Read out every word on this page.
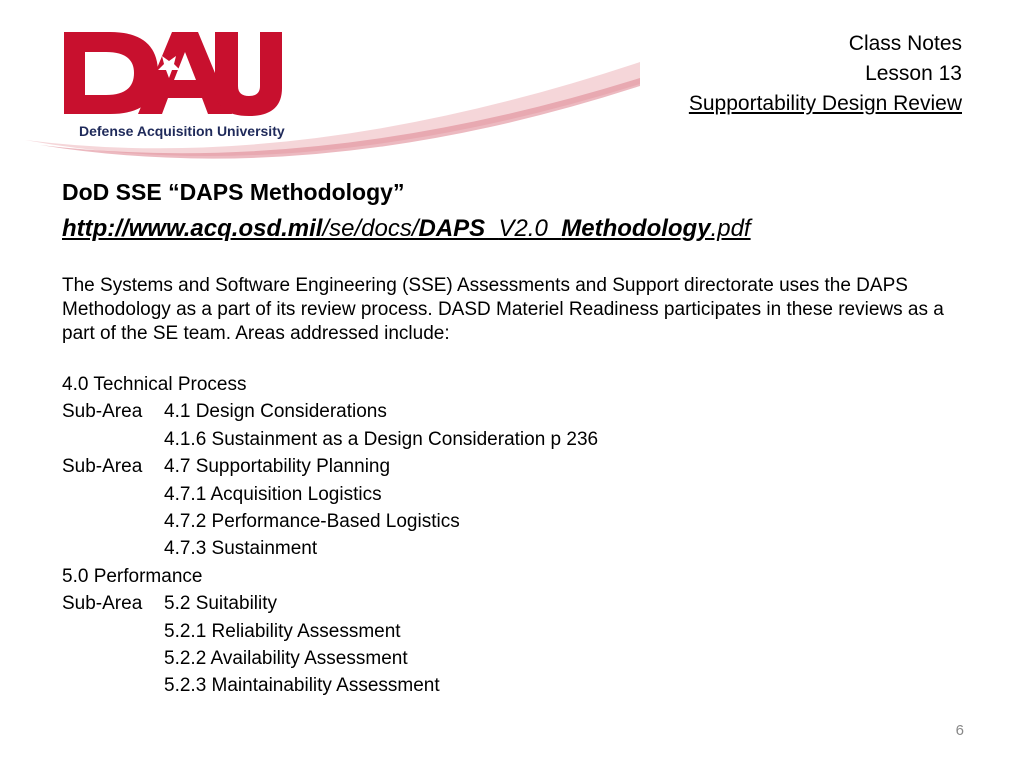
Defense Acquisition University
Class Notes
Lesson 13
Supportability Design Review
DoD SSE “DAPS Methodology”
http://www.acq.osd.mil/se/docs/DAPS_V2.0_Methodology.pdf
The Systems and Software Engineering (SSE) Assessments and Support directorate uses the DAPS Methodology as a part of its review process. DASD Materiel Readiness participates in these reviews as a part of the SE team. Areas addressed include:
4.0 Technical Process
Sub-Area 4.1 Design Considerations
4.1.6 Sustainment as a Design Consideration p 236
Sub-Area 4.7 Supportability Planning
4.7.1 Acquisition Logistics
4.7.2 Performance-Based Logistics
4.7.3 Sustainment
5.0 Performance
Sub-Area 5.2 Suitability
5.2.1 Reliability Assessment
5.2.2 Availability Assessment
5.2.3 Maintainability Assessment
6
